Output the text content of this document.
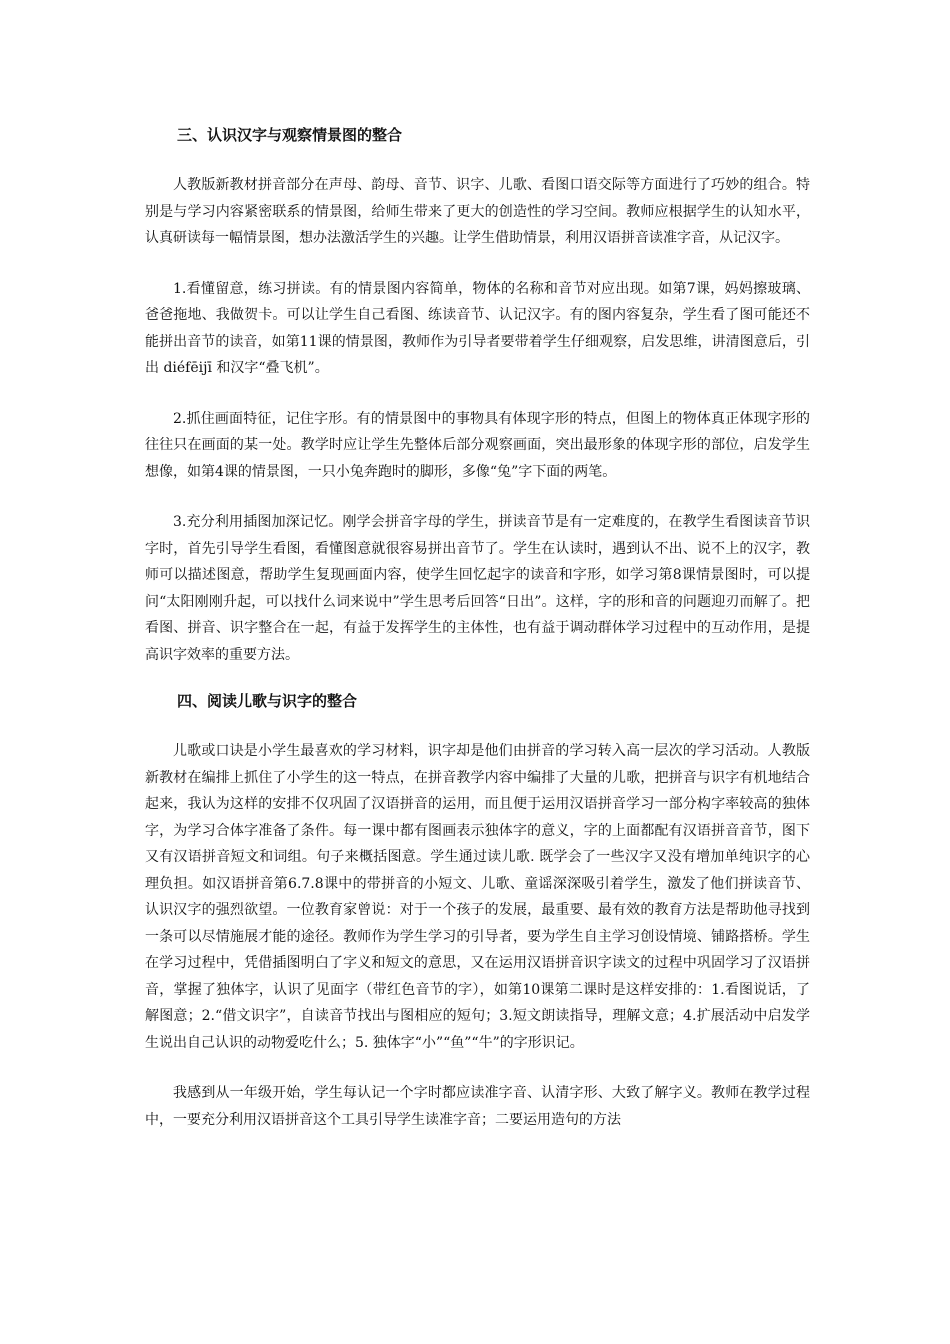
三、认识汉字与观察情景图的整合

人教版新教材拼音部分在声母、韵母、音节、识字、儿歌、看图口语交际等方面进行了巧妙的组合。特别是与学习内容紧密联系的情景图，给师生带来了更大的创造性的学习空间。教师应根据学生的认知水平，认真研读每一幅情景图，想办法激活学生的兴趣。让学生借助情景，利用汉语拼音读准字音，从记汉字。

1.看懂留意，练习拼读。有的情景图内容简单，物体的名称和音节对应出现。如第7课，妈妈擦玻璃、爸爸拖地、我做贺卡。可以让学生自己看图、练读音节、认记汉字。有的图内容复杂，学生看了图可能还不能拼出音节的读音，如第11课的情景图，教师作为引导者要带着学生仔细观察，启发思维，讲清图意后，引出 diéfēijī 和汉字“叠飞机”。

2.抓住画面特征，记住字形。有的情景图中的事物具有体现字形的特点，但图上的物体真正体现字形的往往只在画面的某一处。教学时应让学生先整体后部分观察画面，突出最形象的体现字形的部位，启发学生想像，如第4课的情景图，一只小兔奔跑时的脚形，多像“兔”字下面的两笔。

3.充分利用插图加深记忆。刚学会拼音字母的学生，拼读音节是有一定难度的，在教学生看图读音节识字时，首先引导学生看图，看懂图意就很容易拼出音节了。学生在认读时，遇到认不出、说不上的汉字，教师可以描述图意，帮助学生复现画面内容，使学生回忆起字的读音和字形，如学习第8课情景图时，可以提问“太阳刚刚升起，可以找什么词来说中”学生思考后回答“日出”。这样，字的形和音的问题迎刃而解了。把看图、拼音、识字整合在一起，有益于发挥学生的主体性，也有益于调动群体学习过程中的互动作用，是提高识字效率的重要方法。

四、阅读儿歌与识字的整合

儿歌或口诀是小学生最喜欢的学习材料，识字却是他们由拼音的学习转入高一层次的学习活动。人教版新教材在编排上抓住了小学生的这一特点，在拼音教学内容中编排了大量的儿歌，把拼音与识字有机地结合起来，我认为这样的安排不仅巩固了汉语拼音的运用，而且便于运用汉语拼音学习一部分构字率较高的独体字，为学习合体字准备了条件。每一课中都有图画表示独体字的意义，字的上面都配有汉语拼音音节，图下又有汉语拼音短文和词组。句子来概括图意。学生通过读儿歌. 既学会了一些汉字又没有增加单纯识字的心理负担。如汉语拼音第6.7.8课中的带拼音的小短文、儿歌、童谣深深吸引着学生，激发了他们拼读音节、认识汉字的强烈欲望。一位教育家曾说：对于一个孩子的发展，最重要、最有效的教育方法是帮助他寻找到一条可以尽情施展才能的途径。教师作为学生学习的引导者，要为学生自主学习创设情境、铺路搭桥。学生在学习过程中，凭借插图明白了字义和短文的意思，又在运用汉语拼音识字读文的过程中巩固学习了汉语拼音，掌握了独体字，认识了见面字（带红色音节的字），如第10课第二课时是这样安排的：1.看图说话，了解图意；2.“借文识字”，自读音节找出与图相应的短句；3.短文朗读指导，理解文意；4.扩展活动中启发学生说出自己认识的动物爱吃什么；5. 独体字“小”“鱼”“牛”的字形识记。

我感到从一年级开始，学生每认记一个字时都应读准字音、认清字形、大致了解字义。教师在教学过程中，一要充分利用汉语拼音这个工具引导学生读准字音；二要运用造句的方法
